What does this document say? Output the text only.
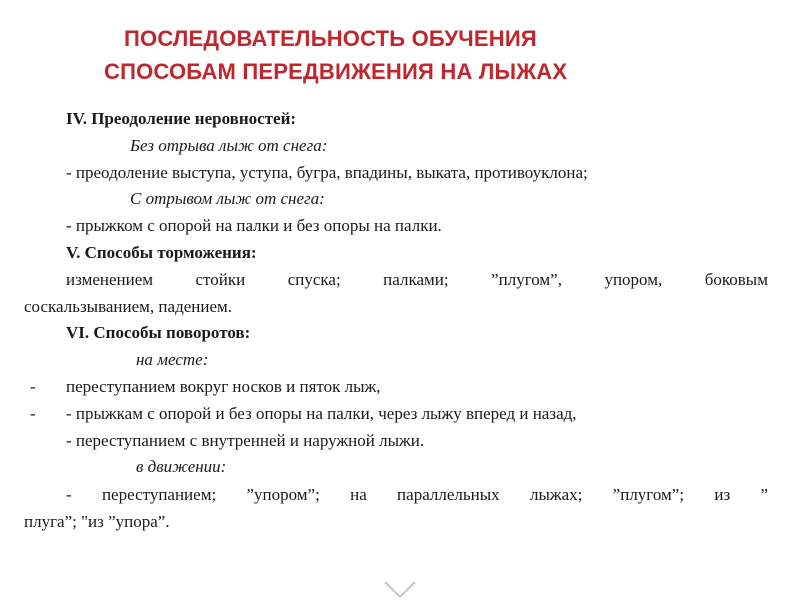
ПОСЛЕДОВАТЕЛЬНОСТЬ ОБУЧЕНИЯ
СПОСОБАМ ПЕРЕДВИЖЕНИЯ НА ЛЫЖАХ
IV. Преодоление неровностей:
Без отрыва лыж от снега:
- преодоление выступа, уступа, бугра, впадины, выката, противоуклона;
С отрывом лыж от снега:
- прыжком с опорой на палки и без опоры на палки.
V. Способы торможения:
изменением стойки спуска; палками; ”плугом”, упором, боковым
соскальзыванием, падением.
VI. Способы поворотов:
на месте:
- переступанием вокруг носков и пяток лыж,
- - прыжкам с опорой и без опоры на палки, через лыжу вперед и назад,
- переступанием с внутренней и наружной лыжи.
в движении:
- переступанием; ”упором”; на параллельных лыжах; ”плугом”; из ”
плуга”; "из ”упора”.
